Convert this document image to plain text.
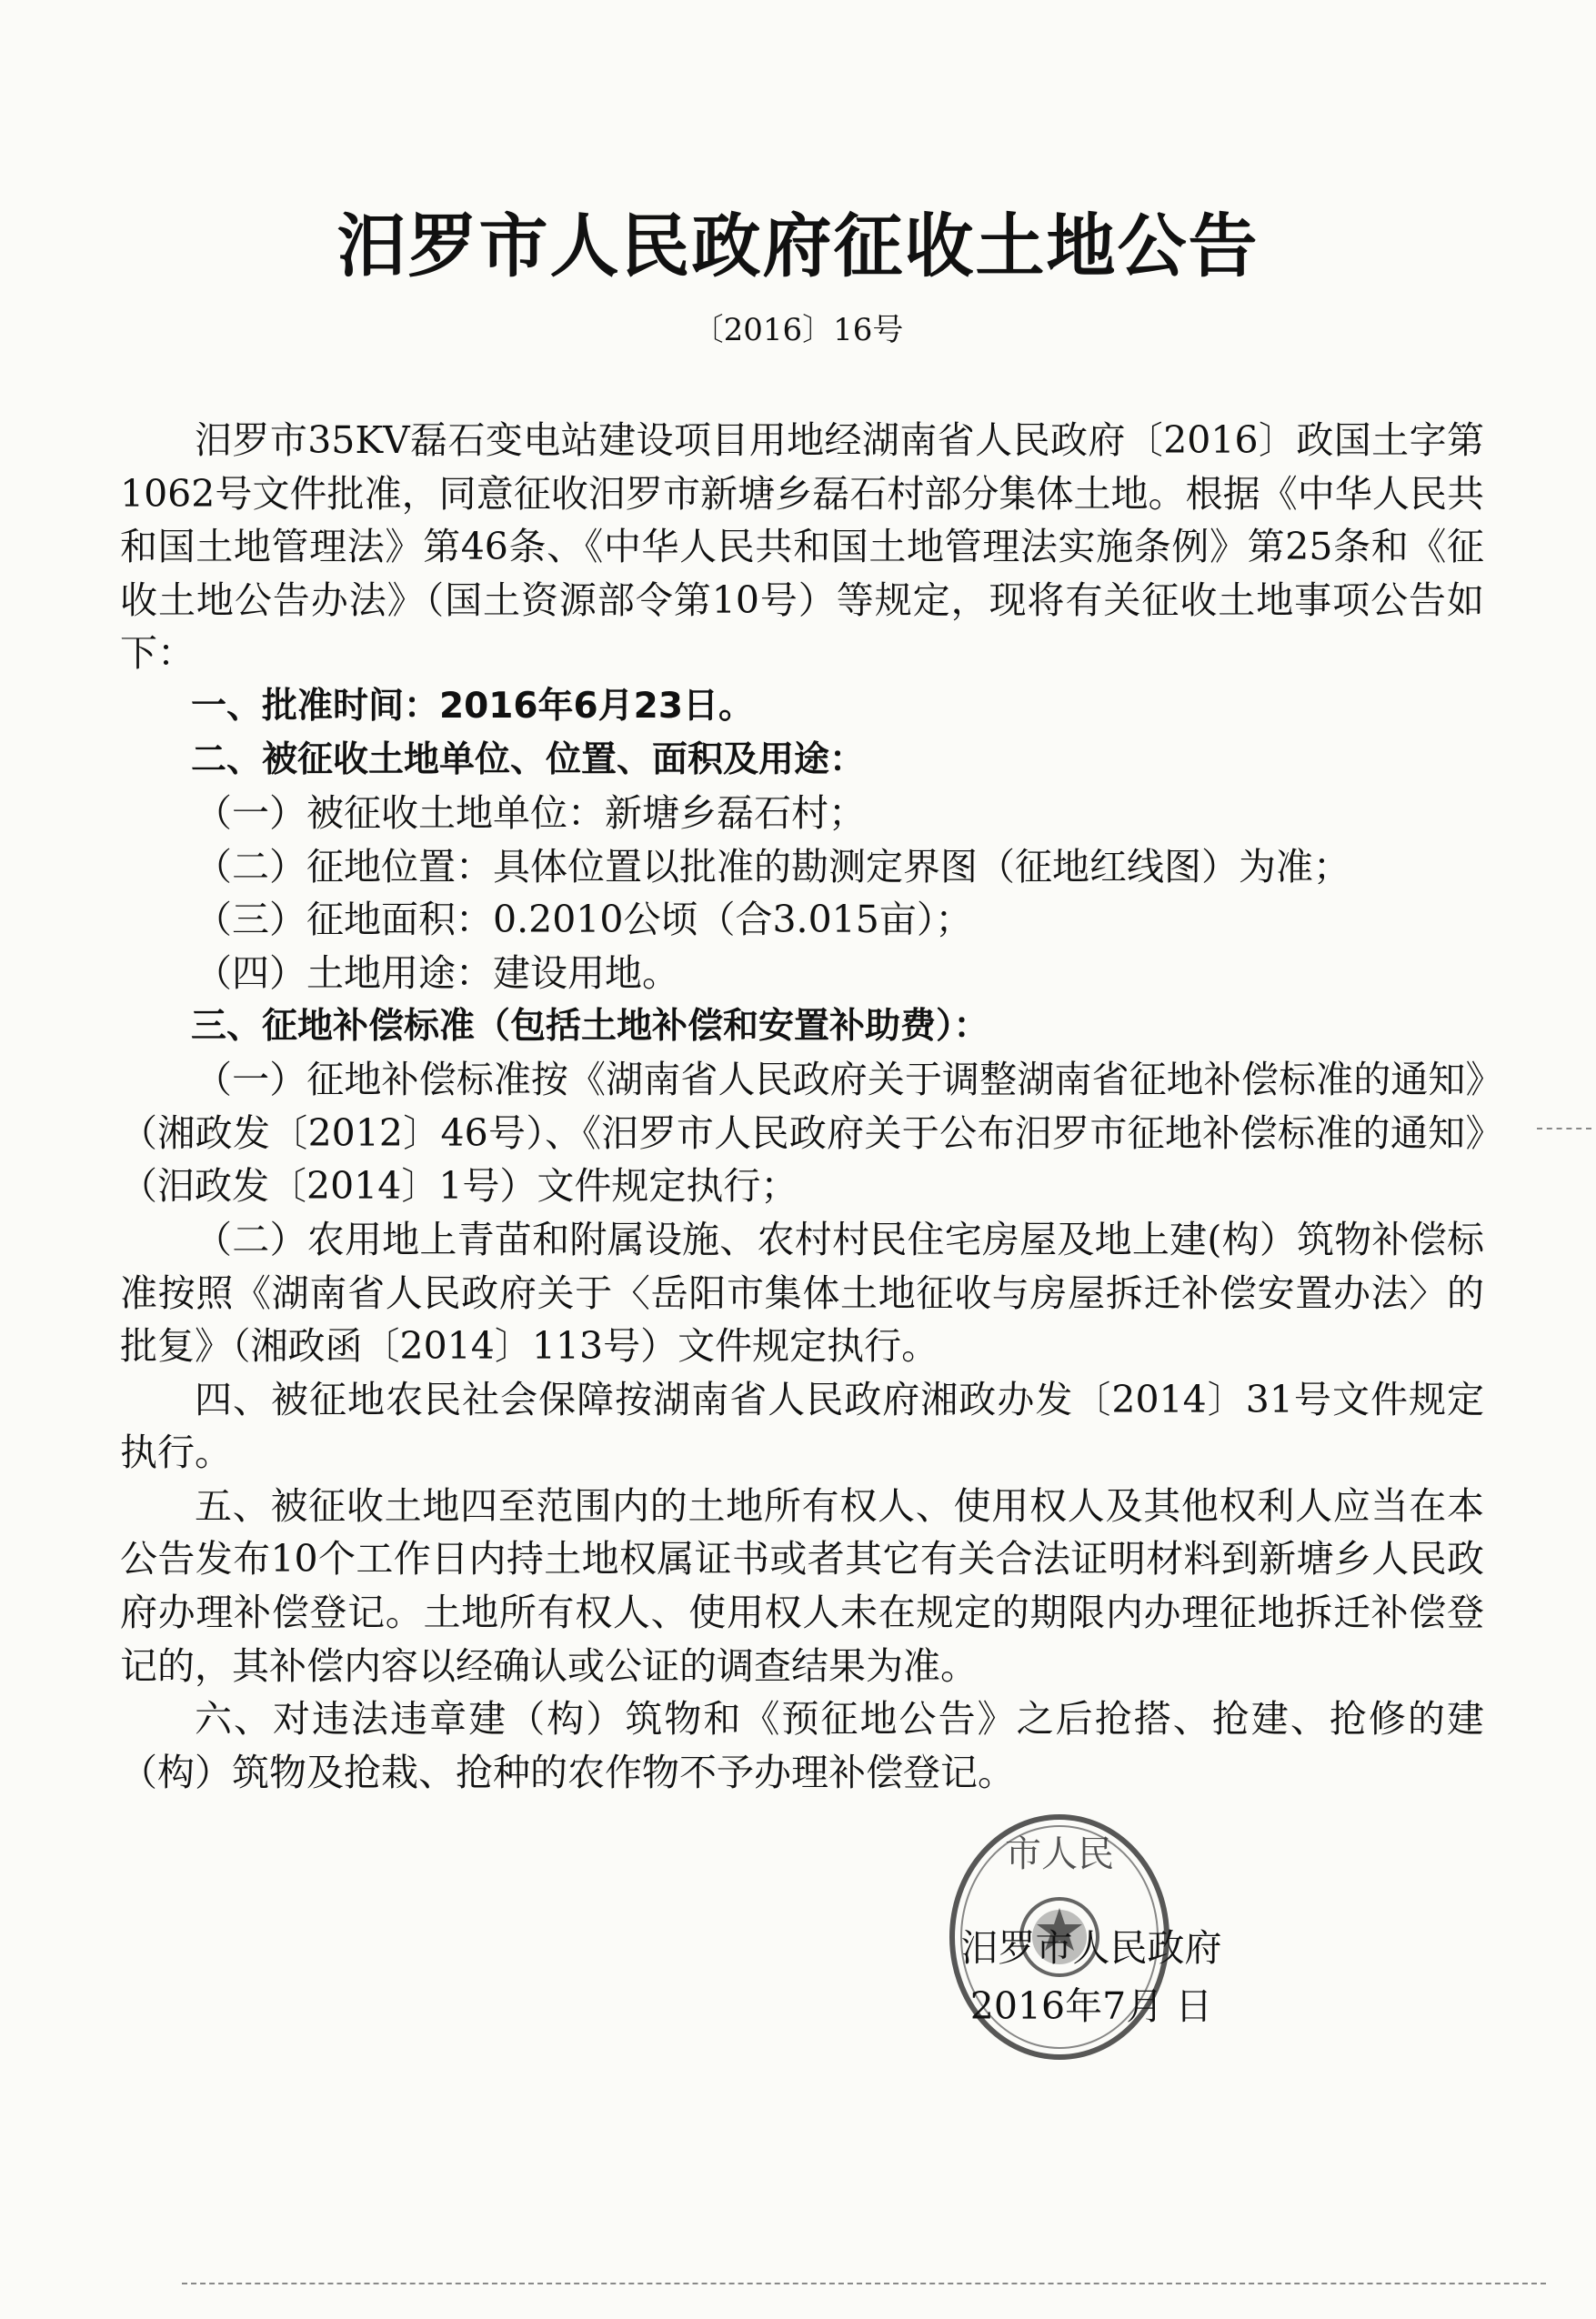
汨罗市人民政府征收土地公告
〔2016〕16号

汨罗市35KV磊石变电站建设项目用地经湖南省人民政府〔2016〕政国土字第1062号文件批准，同意征收汨罗市新塘乡磊石村部分集体土地。根据《中华人民共和国土地管理法》第46条、《中华人民共和国土地管理法实施条例》第25条和《征收土地公告办法》（国土资源部令第10号）等规定，现将有关征收土地事项公告如下：

一、批准时间：2016年6月23日。

二、被征收土地单位、位置、面积及用途：

（一）被征收土地单位：新塘乡磊石村；

（二）征地位置：具体位置以批准的勘测定界图（征地红线图）为准；

（三）征地面积：0.2010公顷（合3.015亩）；

（四）土地用途：建设用地。

三、征地补偿标准（包括土地补偿和安置补助费）：

（一）征地补偿标准按《湖南省人民政府关于调整湖南省征地补偿标准的通知》（湘政发〔2012〕46号）、《汨罗市人民政府关于公布汨罗市征地补偿标准的通知》（汨政发〔2014〕1号）文件规定执行；

（二）农用地上青苗和附属设施、农村村民住宅房屋及地上建(构）筑物补偿标准按照《湖南省人民政府关于〈岳阳市集体土地征收与房屋拆迁补偿安置办法〉的批复》（湘政函〔2014〕113号）文件规定执行。

四、被征地农民社会保障按湖南省人民政府湘政办发〔2014〕31号文件规定执行。

五、被征收土地四至范围内的土地所有权人、使用权人及其他权利人应当在本公告发布10个工作日内持土地权属证书或者其它有关合法证明材料到新塘乡人民政府办理补偿登记。土地所有权人、使用权人未在规定的期限内办理征地拆迁补偿登记的，其补偿内容以经确认或公证的调查结果为准。

六、对违法违章建（构）筑物和《预征地公告》之后抢搭、抢建、抢修的建（构）筑物及抢栽、抢种的农作物不予办理补偿登记。

市人民
汨罗市人民政府
2016年7月 日
